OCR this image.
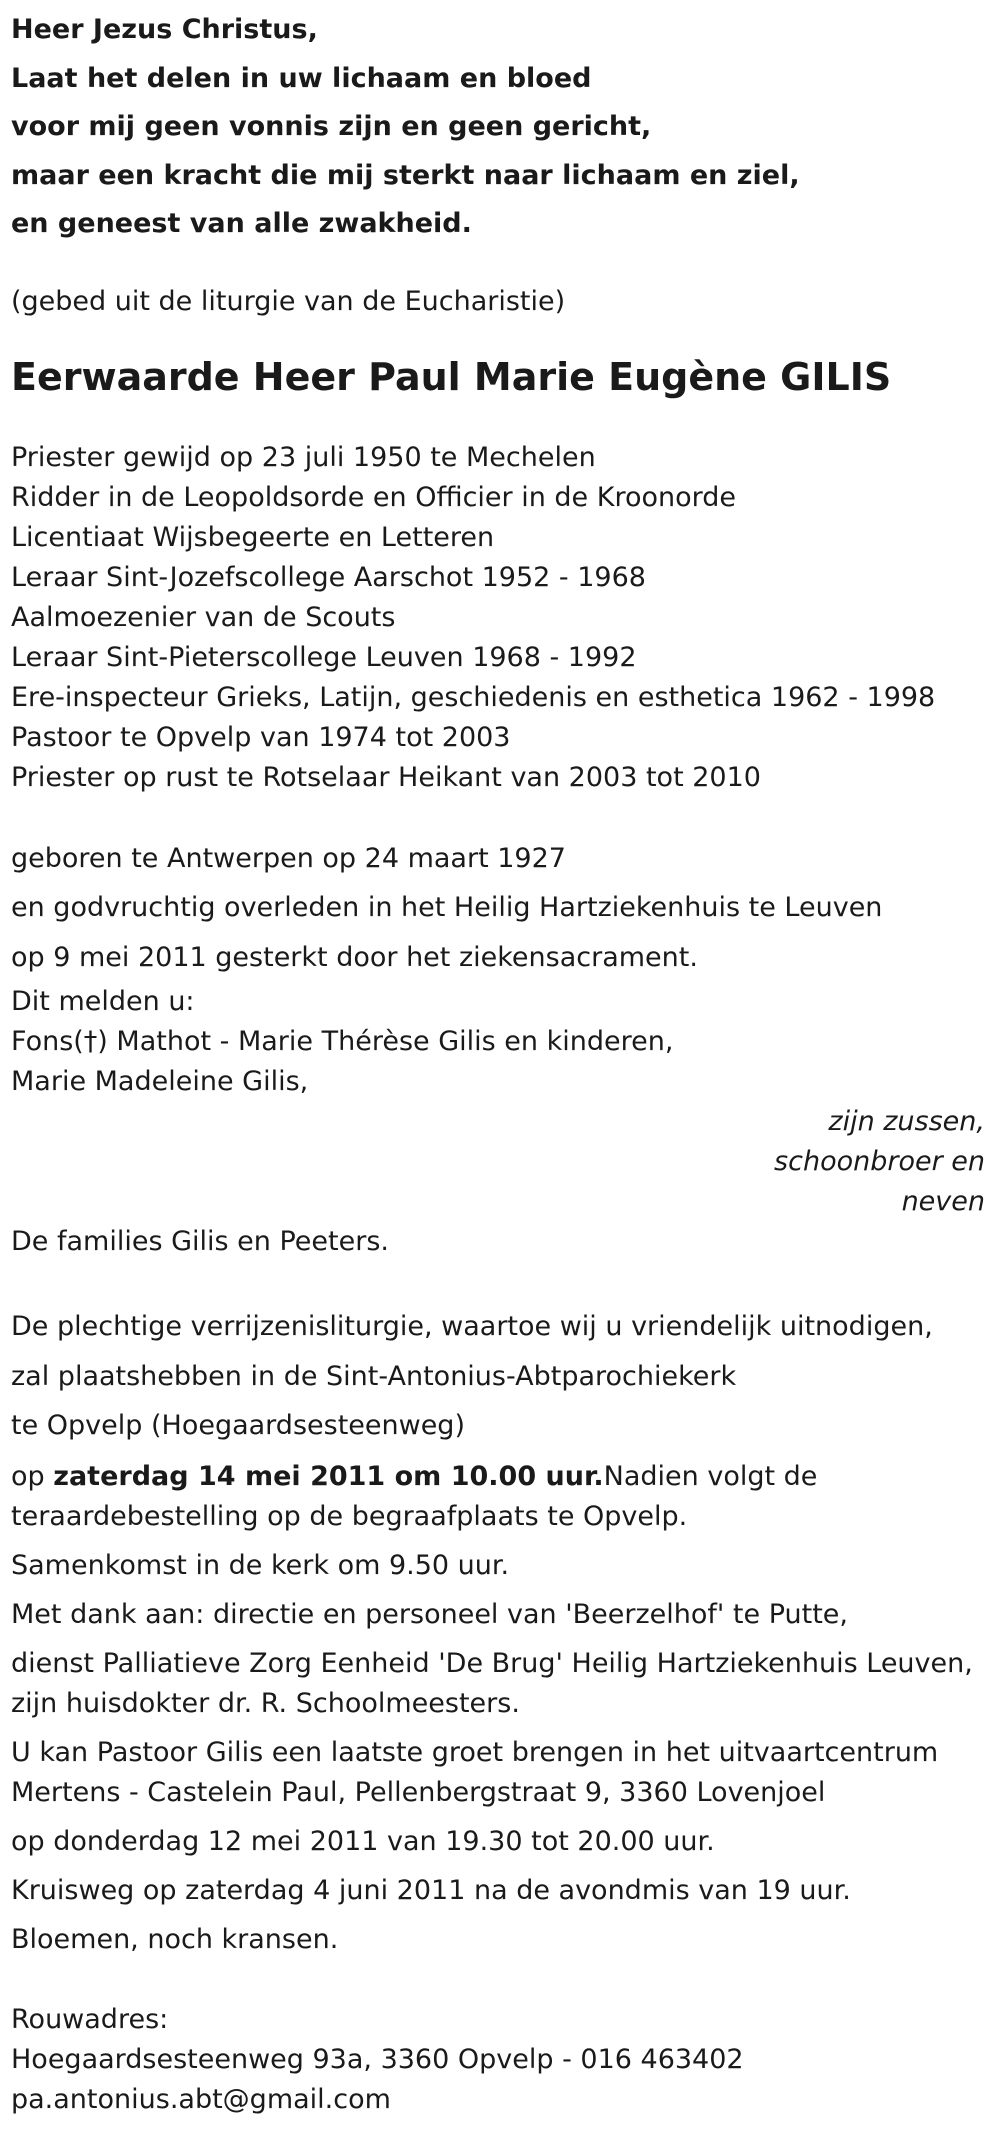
Heer Jezus Christus,
Laat het delen in uw lichaam en bloed
voor mij geen vonnis zijn en geen gericht,
maar een kracht die mij sterkt naar lichaam en ziel,
en geneest van alle zwakheid.
(gebed uit de liturgie van de Eucharistie)
Eerwaarde Heer Paul Marie Eugène GILIS
Priester gewijd op 23 juli 1950 te Mechelen
Ridder in de Leopoldsorde en Officier in de Kroonorde
Licentiaat Wijsbegeerte en Letteren
Leraar Sint-Jozefscollege Aarschot 1952 - 1968
Aalmoezenier van de Scouts
Leraar Sint-Pieterscollege Leuven 1968 - 1992
Ere-inspecteur Grieks, Latijn, geschiedenis en esthetica 1962 - 1998
Pastoor te Opvelp van 1974 tot 2003
Priester op rust te Rotselaar Heikant van 2003 tot 2010
geboren te Antwerpen op 24 maart 1927
en godvruchtig overleden in het Heilig Hartziekenhuis te Leuven
op 9 mei 2011 gesterkt door het ziekensacrament.
Dit melden u:
Fons(†) Mathot - Marie Thérèse Gilis en kinderen,
Marie Madeleine Gilis,
zijn zussen,
schoonbroer en
neven
De families Gilis en Peeters.
De plechtige verrijzenisliturgie, waartoe wij u vriendelijk uitnodigen,
zal plaatshebben in de Sint-Antonius-Abtparochiekerk
te Opvelp (Hoegaardsesteenweg)
op zaterdag 14 mei 2011 om 10.00 uur.Nadien volgt de
teraardebestelling op de begraafplaats te Opvelp.
Samenkomst in de kerk om 9.50 uur.
Met dank aan: directie en personeel van 'Beerzelhof' te Putte,
dienst Palliatieve Zorg Eenheid 'De Brug' Heilig Hartziekenhuis Leuven,
zijn huisdokter dr. R. Schoolmeesters.
U kan Pastoor Gilis een laatste groet brengen in het uitvaartcentrum
Mertens - Castelein Paul, Pellenbergstraat 9, 3360 Lovenjoel
op donderdag 12 mei 2011 van 19.30 tot 20.00 uur.
Kruisweg op zaterdag 4 juni 2011 na de avondmis van 19 uur.
Bloemen, noch kransen.
Rouwadres:
Hoegaardsesteenweg 93a, 3360 Opvelp - 016 463402
pa.antonius.abt@gmail.com
